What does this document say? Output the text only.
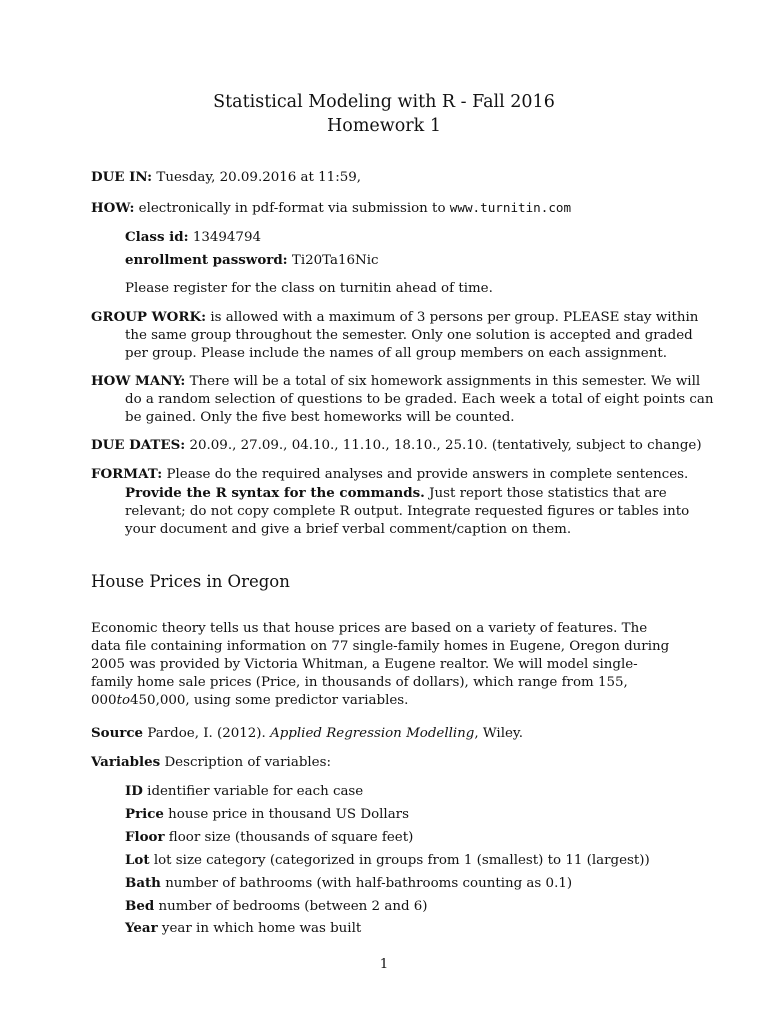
Statistical Modeling with R - Fall 2016
Homework 1
DUE IN: Tuesday, 20.09.2016 at 11:59,
HOW: electronically in pdf-format via submission to www.turnitin.com
Class id: 13494794
enrollment password: Ti20Ta16Nic
Please register for the class on turnitin ahead of time.
GROUP WORK: is allowed with a maximum of 3 persons per group. PLEASE stay within the same group throughout the semester. Only one solution is accepted and graded per group. Please include the names of all group members on each assignment.
HOW MANY: There will be a total of six homework assignments in this semester. We will do a random selection of questions to be graded. Each week a total of eight points can be gained. Only the five best homeworks will be counted.
DUE DATES: 20.09., 27.09., 04.10., 11.10., 18.10., 25.10. (tentatively, subject to change)
FORMAT: Please do the required analyses and provide answers in complete sentences. Provide the R syntax for the commands. Just report those statistics that are relevant; do not copy complete R output. Integrate requested figures or tables into your document and give a brief verbal comment/caption on them.
House Prices in Oregon
Economic theory tells us that house prices are based on a variety of features. The data file containing information on 77 single-family homes in Eugene, Oregon during 2005 was provided by Victoria Whitman, a Eugene realtor. We will model single-family home sale prices (Price, in thousands of dollars), which range from 155, 000to450,000, using some predictor variables.
Source Pardoe, I. (2012). Applied Regression Modelling, Wiley.
Variables Description of variables:
ID identifier variable for each case
Price house price in thousand US Dollars
Floor floor size (thousands of square feet)
Lot lot size category (categorized in groups from 1 (smallest) to 11 (largest))
Bath number of bathrooms (with half-bathrooms counting as 0.1)
Bed number of bedrooms (between 2 and 6)
Year year in which home was built
1
